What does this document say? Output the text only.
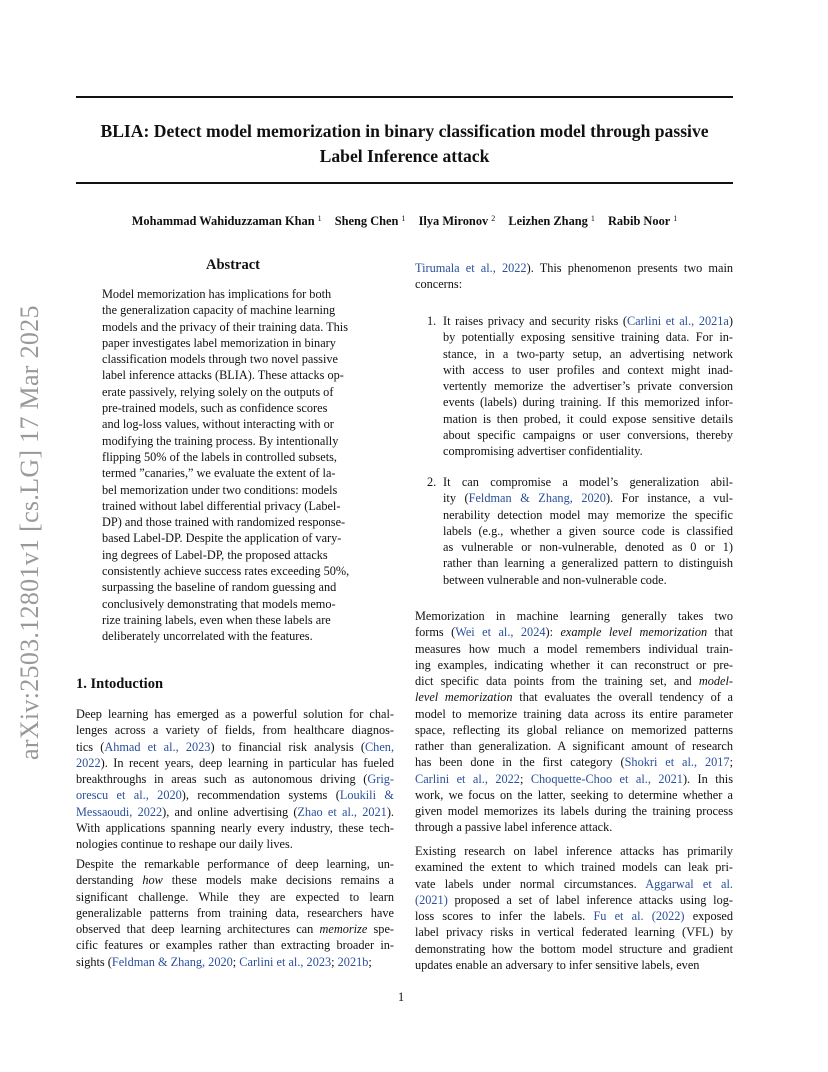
BLIA: Detect model memorization in binary classification model through passive
Label Inference attack
Mohammad Wahiduzzaman Khan $^1$ Sheng Chen $^1$ Ilya Mironov $^2$ Leizhen Zhang $^1$ Rabib Noor $^1$
arXiv:2503.12801v1 [cs.LG] 17 Mar 2025
Abstract
Model memorization has implications for both
the generalization capacity of machine learning
models and the privacy of their training data. This
paper investigates label memorization in binary
classification models through two novel passive
label inference attacks (BLIA). These attacks op-
erate passively, relying solely on the outputs of
pre-trained models, such as confidence scores
and log-loss values, without interacting with or
modifying the training process. By intentionally
flipping 50% of the labels in controlled subsets,
termed ”canaries,” we evaluate the extent of la-
bel memorization under two conditions: models
trained without label differential privacy (Label-
DP) and those trained with randomized response-
based Label-DP. Despite the application of vary-
ing degrees of Label-DP, the proposed attacks
consistently achieve success rates exceeding 50%,
surpassing the baseline of random guessing and
conclusively demonstrating that models memo-
rize training labels, even when these labels are
deliberately uncorrelated with the features.
1. Intoduction
Deep learning has emerged as a powerful solution for chal-
lenges across a variety of fields, from healthcare diagnos-
tics (Ahmad et al., 2023) to financial risk analysis (Chen,
2022). In recent years, deep learning in particular has fueled
breakthroughs in areas such as autonomous driving (Grig-
orescu et al., 2020), recommendation systems (Loukili &
Messaoudi, 2022), and online advertising (Zhao et al., 2021).
With applications spanning nearly every industry, these tech-
nologies continue to reshape our daily lives.
Despite the remarkable performance of deep learning, un-
derstanding how these models make decisions remains a
significant challenge. While they are expected to learn
generalizable patterns from training data, researchers have
observed that deep learning architectures can memorize spe-
cific features or examples rather than extracting broader in-
sights (Feldman & Zhang, 2020; Carlini et al., 2023; 2021b;
Tirumala et al., 2022). This phenomenon presents two main
concerns:
1. It raises privacy and security risks (Carlini et al., 2021a)
by potentially exposing sensitive training data. For in-
stance, in a two-party setup, an advertising network
with access to user profiles and context might inad-
vertently memorize the advertiser’s private conversion
events (labels) during training. If this memorized infor-
mation is then probed, it could expose sensitive details
about specific campaigns or user conversions, thereby
compromising advertiser confidentiality.
2. It can compromise a model’s generalization abil-
ity (Feldman & Zhang, 2020). For instance, a vul-
nerability detection model may memorize the specific
labels (e.g., whether a given source code is classified
as vulnerable or non-vulnerable, denoted as 0 or 1)
rather than learning a generalized pattern to distinguish
between vulnerable and non-vulnerable code.
Memorization in machine learning generally takes two
forms (Wei et al., 2024): example level memorization that
measures how much a model remembers individual train-
ing examples, indicating whether it can reconstruct or pre-
dict specific data points from the training set, and model-
level memorization that evaluates the overall tendency of a
model to memorize training data across its entire parameter
space, reflecting its global reliance on memorized patterns
rather than generalization. A significant amount of research
has been done in the first category (Shokri et al., 2017;
Carlini et al., 2022; Choquette-Choo et al., 2021). In this
work, we focus on the latter, seeking to determine whether a
given model memorizes its labels during the training process
through a passive label inference attack.
Existing research on label inference attacks has primarily
examined the extent to which trained models can leak pri-
vate labels under normal circumstances. Aggarwal et al.
(2021) proposed a set of label inference attacks using log-
loss scores to infer the labels. Fu et al. (2022) exposed
label privacy risks in vertical federated learning (VFL) by
demonstrating how the bottom model structure and gradient
updates enable an adversary to infer sensitive labels, even
1
